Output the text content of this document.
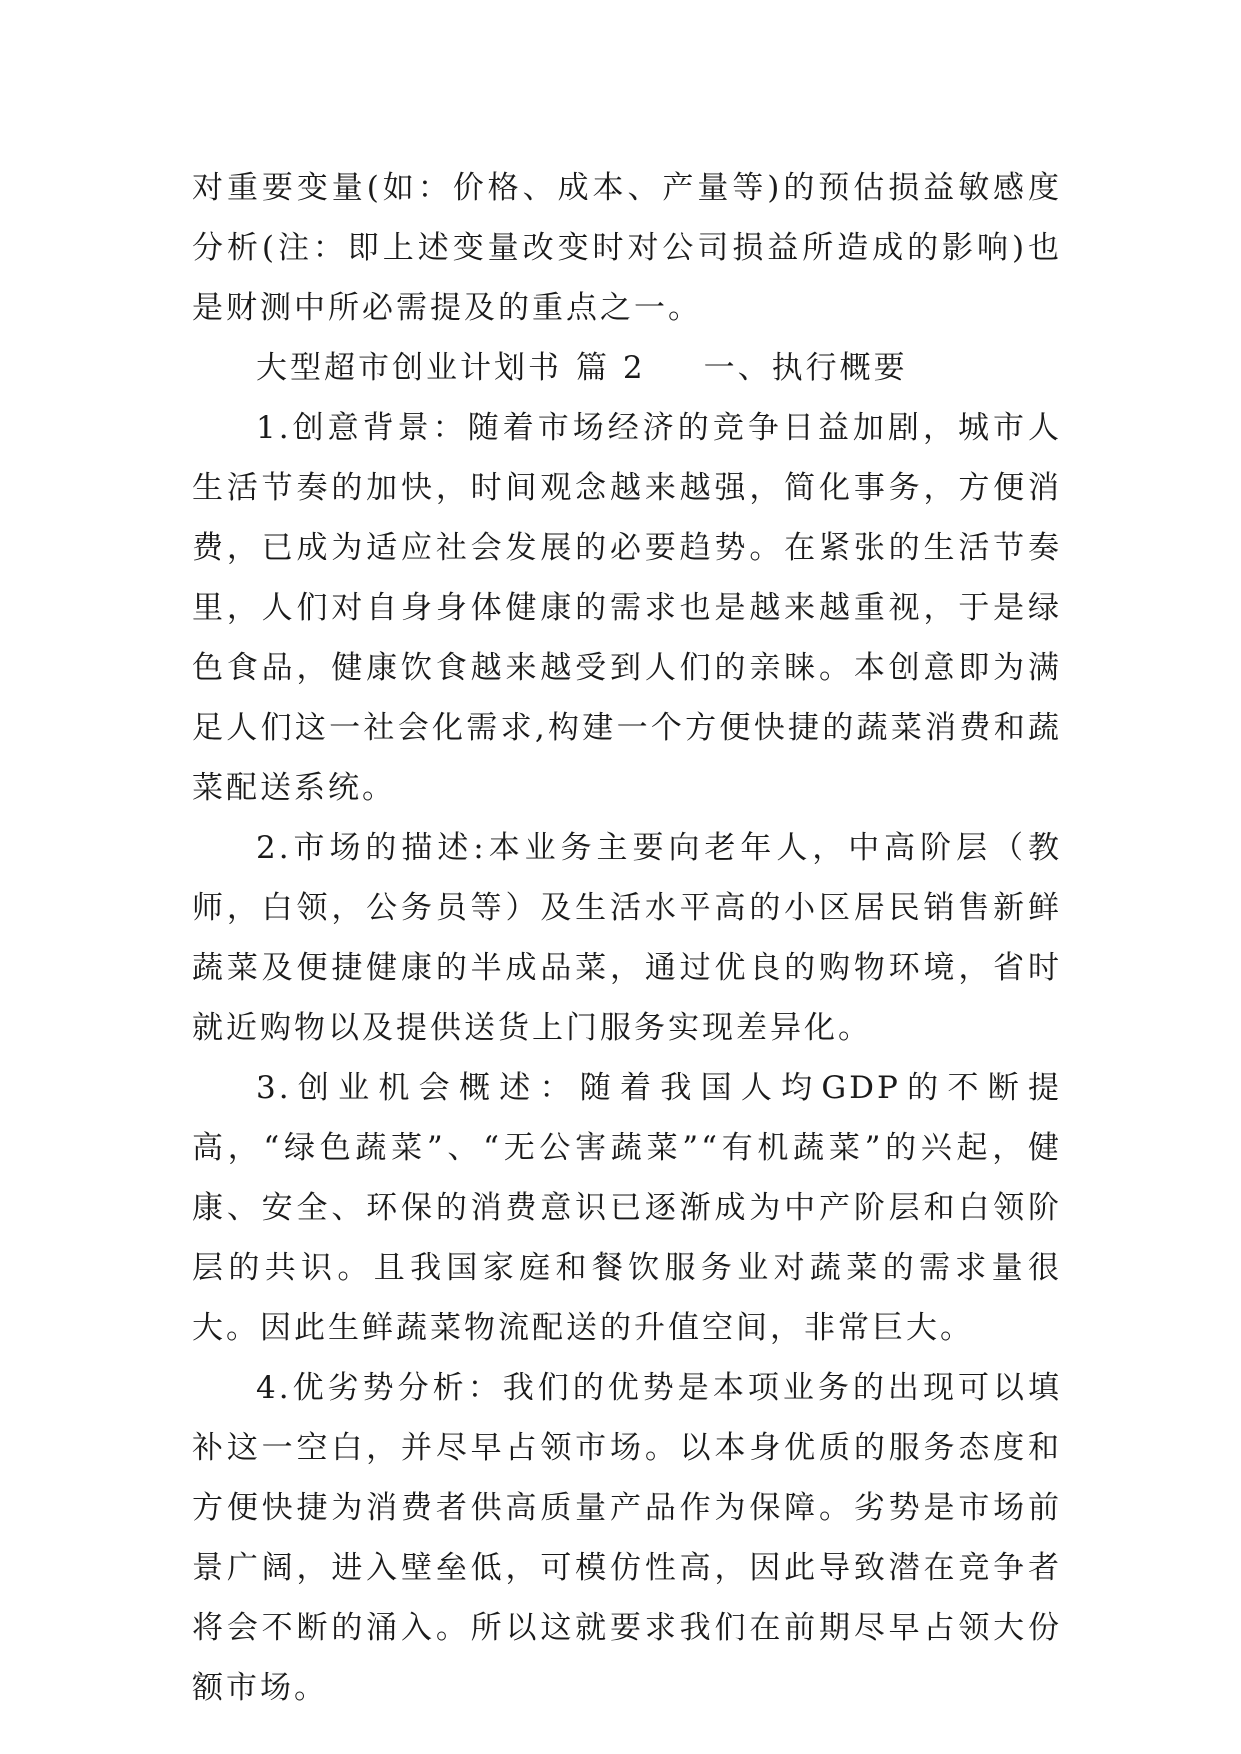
对重要变量(如：价格、成本、产量等)的预估损益敏感度分析(注：即上述变量改变时对公司损益所造成的影响)也是财测中所必需提及的重点之一。

大型超市创业计划书 篇 2 一、执行概要

1.创意背景：随着市场经济的竞争日益加剧，城市人生活节奏的加快，时间观念越来越强，简化事务，方便消费，已成为适应社会发展的必要趋势。在紧张的生活节奏里，人们对自身身体健康的需求也是越来越重视，于是绿色食品，健康饮食越来越受到人们的亲睐。本创意即为满足人们这一社会化需求,构建一个方便快捷的蔬菜消费和蔬菜配送系统。

2.市场的描述:本业务主要向老年人，中高阶层（教师，白领，公务员等）及生活水平高的小区居民销售新鲜蔬菜及便捷健康的半成品菜，通过优良的购物环境，省时就近购物以及提供送货上门服务实现差异化。

3.创业机会概述：随着我国人均GDP的不断提高，“绿色蔬菜”、“无公害蔬菜”“有机蔬菜”的兴起，健康、安全、环保的消费意识已逐渐成为中产阶层和白领阶层的共识。且我国家庭和餐饮服务业对蔬菜的需求量很大。因此生鲜蔬菜物流配送的升值空间，非常巨大。

4.优劣势分析：我们的优势是本项业务的出现可以填补这一空白，并尽早占领市场。以本身优质的服务态度和方便快捷为消费者供高质量产品作为保障。劣势是市场前景广阔，进入壁垒低，可模仿性高，因此导致潜在竞争者将会不断的涌入。所以这就要求我们在前期尽早占领大份额市场。
